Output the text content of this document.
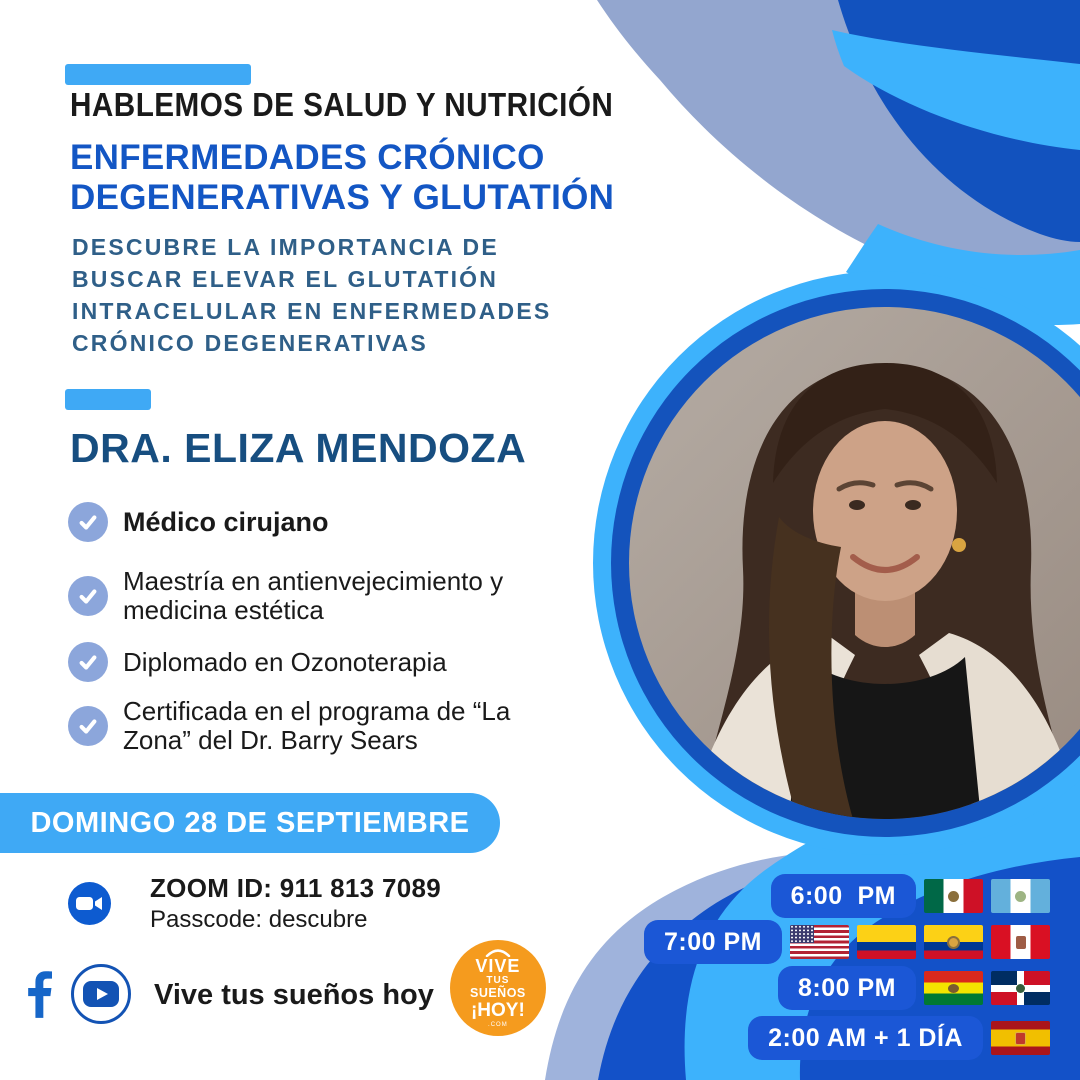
HABLEMOS DE SALUD Y NUTRICIÓN
ENFERMEDADES CRÓNICO
DEGENERATIVAS Y GLUTATIÓN
DESCUBRE LA IMPORTANCIA DE
BUSCAR ELEVAR EL GLUTATIÓN
INTRACELULAR EN ENFERMEDADES
CRÓNICO DEGENERATIVAS
DRA. ELIZA MENDOZA

Médico cirujano

Maestría en antienvejecimiento y medicina estética

Diplomado en Ozonoterapia

Certificada en el programa de “La Zona” del Dr. Barry Sears

DOMINGO 28 DE SEPTIEMBRE
ZOOM ID: 911 813 7089
Passcode: descubre
Vive tus sueños hoy
VIVE
TUS
SUEÑOS
¡HOY!
.COM
6:00  PM
7:00 PM
8:00 PM
2:00 AM + 1 DÍA
